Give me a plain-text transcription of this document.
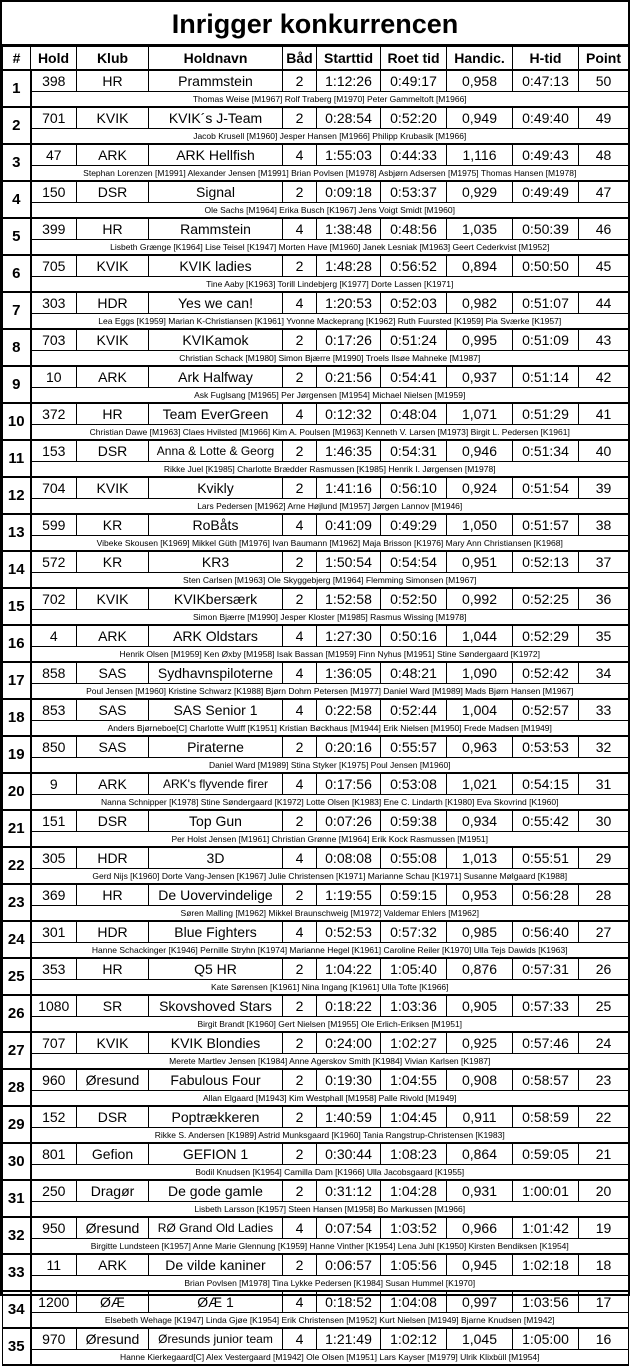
Inrigger konkurrencen
#	Hold	Klub	Holdnavn	Båd	Starttid	Roet tid	Handic.	H-tid	Point
1	398	HR	Prammstein	2	1:12:26	0:49:17	0,958	0:47:13	50
	Thomas Weise [M1967] Rolf Traberg [M1970] Peter Gammeltoft [M1966]								
2	701	KVIK	KVIK´s J-Team	2	0:28:54	0:52:20	0,949	0:49:40	49
	Jacob Krusell [M1960] Jesper Hansen [M1966] Philipp Krubasik [M1966]								
3	47	ARK	ARK Hellfish	4	1:55:03	0:44:33	1,116	0:49:43	48
	Stephan Lorenzen [M1991] Alexander Jensen [M1991] Brian Povlsen [M1978] Asbjørn Adsersen [M1975] Thomas Hansen [M1978]								
4	150	DSR	Signal	2	0:09:18	0:53:37	0,929	0:49:49	47
	Ole Sachs [M1964] Erika Busch [K1967] Jens Voigt Smidt [M1960]								
5	399	HR	Rammstein	4	1:38:48	0:48:56	1,035	0:50:39	46
	Lisbeth Grænge [K1964] Lise Teisel [K1947] Morten Have [M1960] Janek Lesniak [M1963] Geert Cederkvist [M1952]								
6	705	KVIK	KVIK ladies	2	1:48:28	0:56:52	0,894	0:50:50	45
	Tine Aaby [K1963] Torill Lindebjerg [K1977] Dorte Lassen [K1971]								
7	303	HDR	Yes we can!	4	1:20:53	0:52:03	0,982	0:51:07	44
	Lea Eggs [K1959] Marian K-Christiansen [K1961] Yvonne Mackeprang [K1962] Ruth Fuursted [K1959] Pia Sværke [K1957]								
8	703	KVIK	KVIKamok	2	0:17:26	0:51:24	0,995	0:51:09	43
	Christian Schack [M1980] Simon Bjærre [M1990] Troels Ilsøe Mahneke [M1987]								
9	10	ARK	Ark Halfway	2	0:21:56	0:54:41	0,937	0:51:14	42
	Ask Fuglsang [M1965] Per Jørgensen [M1954] Michael Nielsen [M1959]								
10	372	HR	Team EverGreen	4	0:12:32	0:48:04	1,071	0:51:29	41
	Christian Dawe [M1963] Claes Hvilsted [M1966] Kim A. Poulsen [M1963] Kenneth V. Larsen [M1973] Birgit L. Pedersen [K1961]								
11	153	DSR	Anna & Lotte & Georg	2	1:46:35	0:54:31	0,946	0:51:34	40
	Rikke Juel [K1985] Charlotte Brædder Rasmussen [K1985] Henrik I. Jørgensen [M1978]								
12	704	KVIK	Kvikly	2	1:41:16	0:56:10	0,924	0:51:54	39
	Lars Pedersen [M1962] Arne Højlund [M1957] Jørgen Lannov [M1946]								
13	599	KR	RoBåts	4	0:41:09	0:49:29	1,050	0:51:57	38
	Vibeke Skousen [K1969] Mikkel Güth [M1976] Ivan Baumann [M1962] Maja Brisson [K1976] Mary Ann Christiansen [K1968]								
14	572	KR	KR3	2	1:50:54	0:54:54	0,951	0:52:13	37
	Sten Carlsen [M1963] Ole Skyggebjerg [M1964] Flemming Simonsen [M1967]								
15	702	KVIK	KVIKbersærk	2	1:52:58	0:52:50	0,992	0:52:25	36
	Simon Bjærre [M1990] Jesper Kloster [M1985] Rasmus Wissing [M1978]								
16	4	ARK	ARK Oldstars	4	1:27:30	0:50:16	1,044	0:52:29	35
	Henrik Olsen [M1959] Ken Øxby [M1958] Isak Bassan [M1959] Finn Nyhus [M1951] Stine Søndergaard [K1972]								
17	858	SAS	Sydhavnspiloterne	4	1:36:05	0:48:21	1,090	0:52:42	34
	Poul Jensen [M1960] Kristine Schwarz [K1988] Bjørn Dohrn Petersen [M1977] Daniel Ward [M1989] Mads Bjørn Hansen [M1967]								
18	853	SAS	SAS Senior 1	4	0:22:58	0:52:44	1,004	0:52:57	33
	Anders Bjørneboe[C] Charlotte Wulff [K1951] Kristian Bøckhaus [M1944] Erik Nielsen [M1950] Frede Madsen [M1949]								
19	850	SAS	Piraterne	2	0:20:16	0:55:57	0,963	0:53:53	32
	Daniel Ward [M1989] Stina Styker [K1975] Poul Jensen [M1960]								
20	9	ARK	ARK's flyvende firer	4	0:17:56	0:53:08	1,021	0:54:15	31
	Nanna Schnipper [K1978] Stine Søndergaard [K1972] Lotte Olsen [K1983] Ene C. Lindarth [K1980] Eva Skovrind [K1960]								
21	151	DSR	Top Gun	2	0:07:26	0:59:38	0,934	0:55:42	30
	Per Holst Jensen [M1961] Christian Grønne [M1964] Erik Kock Rasmussen [M1951]								
22	305	HDR	3D	4	0:08:08	0:55:08	1,013	0:55:51	29
	Gerd Nijs [K1960] Dorte Vang-Jensen [K1967] Julie Christensen [K1971] Marianne Schau [K1971] Susanne Mølgaard [K1988]								
23	369	HR	De Uovervindelige	2	1:19:55	0:59:15	0,953	0:56:28	28
	Søren Malling [M1962] Mikkel Braunschweig [M1972] Valdemar Ehlers [M1962]								
24	301	HDR	Blue Fighters	4	0:52:53	0:57:32	0,985	0:56:40	27
	Hanne Schackinger [K1946] Pernille Stryhn [K1974] Marianne Hegel [K1961] Caroline Reiler [K1970] Ulla Tejs Dawids [K1963]								
25	353	HR	Q5 HR	2	1:04:22	1:05:40	0,876	0:57:31	26
	Kate Sørensen [K1961] Nina Ingang [K1961] Ulla Tofte [K1966]								
26	1080	SR	Skovshoved Stars	2	0:18:22	1:03:36	0,905	0:57:33	25
	Birgit Brandt [K1960] Gert Nielsen [M1955] Ole Erlich-Eriksen [M1951]								
27	707	KVIK	KVIK Blondies	2	0:24:00	1:02:27	0,925	0:57:46	24
	Merete Martlev Jensen [K1984] Anne Agerskov Smith [K1984] Vivian Karlsen [K1987]								
28	960	Øresund	Fabulous Four	2	0:19:30	1:04:55	0,908	0:58:57	23
	Allan Elgaard [M1943] Kim Westphall [M1958] Palle Rivold [M1949]								
29	152	DSR	Poptrækkeren	2	1:40:59	1:04:45	0,911	0:58:59	22
	Rikke S. Andersen [K1989] Astrid Munksgaard [K1960] Tania Rangstrup-Christensen [K1983]								
30	801	Gefion	GEFION 1	2	0:30:44	1:08:23	0,864	0:59:05	21
	Bodil Knudsen [K1954] Camilla Dam [K1966] Ulla Jacobsgaard [K1955]								
31	250	Dragør	De gode gamle	2	0:31:12	1:04:28	0,931	1:00:01	20
	Lisbeth Larsson [K1957] Steen Hansen [M1958] Bo Markussen [M1966]								
32	950	Øresund	RØ Grand Old Ladies	4	0:07:54	1:03:52	0,966	1:01:42	19
	Birgitte Lundsteen [K1957] Anne Marie Glennung [K1959] Hanne Vinther [K1954] Lena Juhl [K1950] Kirsten Bendiksen [K1954]								
33	11	ARK	De vilde kaniner	2	0:06:57	1:05:56	0,945	1:02:18	18
	Brian Povlsen [M1978] Tina Lykke Pedersen [K1984] Susan Hummel [K1970]								
34	1200	ØÆ	ØÆ 1	4	0:18:52	1:04:08	0,997	1:03:56	17
	Elsebeth Wehage [K1947] Linda Gjøe [K1954] Erik Christensen [M1952] Kurt Nielsen [M1949] Bjarne Knudsen [M1942]								
35	970	Øresund	Øresunds junior team	4	1:21:49	1:02:12	1,045	1:05:00	16
	Hanne Kierkegaard[C] Alex Vestergaard [M1942] Ole Olsen [M1951] Lars Kayser [M1979] Ulrik Klixbüll [M1954]								
